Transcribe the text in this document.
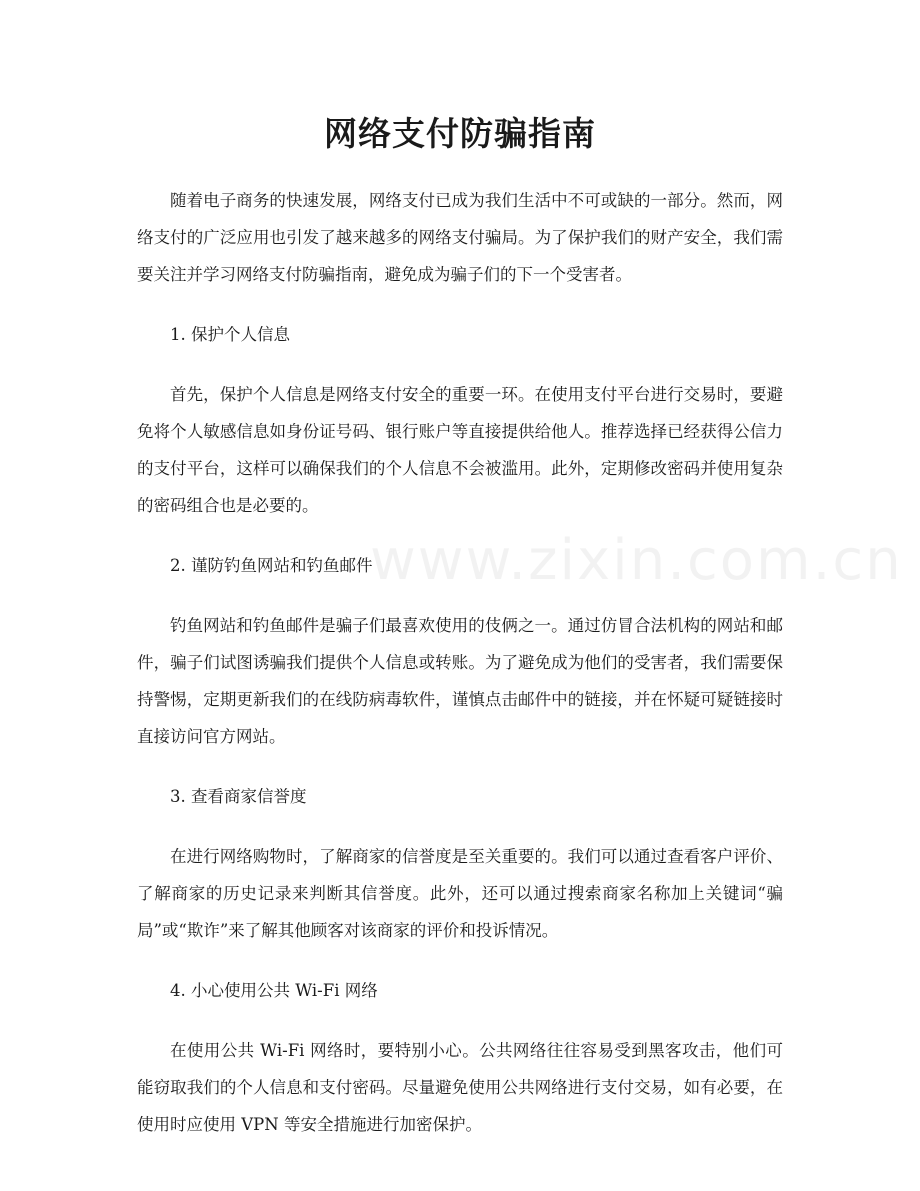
www.zixin.com.cn
网络支付防骗指南

随着电子商务的快速发展，网络支付已成为我们生活中不可或缺的一部分。然而，网络支付的广泛应用也引发了越来越多的网络支付骗局。为了保护我们的财产安全，我们需要关注并学习网络支付防骗指南，避免成为骗子们的下一个受害者。

1. 保护个人信息

首先，保护个人信息是网络支付安全的重要一环。在使用支付平台进行交易时，要避免将个人敏感信息如身份证号码、银行账户等直接提供给他人。推荐选择已经获得公信力的支付平台，这样可以确保我们的个人信息不会被滥用。此外，定期修改密码并使用复杂的密码组合也是必要的。

2. 谨防钓鱼网站和钓鱼邮件

钓鱼网站和钓鱼邮件是骗子们最喜欢使用的伎俩之一。通过仿冒合法机构的网站和邮件，骗子们试图诱骗我们提供个人信息或转账。为了避免成为他们的受害者，我们需要保持警惕，定期更新我们的在线防病毒软件，谨慎点击邮件中的链接，并在怀疑可疑链接时直接访问官方网站。

3. 查看商家信誉度

在进行网络购物时，了解商家的信誉度是至关重要的。我们可以通过查看客户评价、了解商家的历史记录来判断其信誉度。此外，还可以通过搜索商家名称加上关键词“骗局”或“欺诈”来了解其他顾客对该商家的评价和投诉情况。

4. 小心使用公共 Wi-Fi 网络

在使用公共 Wi-Fi 网络时，要特别小心。公共网络往往容易受到黑客攻击，他们可能窃取我们的个人信息和支付密码。尽量避免使用公共网络进行支付交易，如有必要，在使用时应使用 VPN 等安全措施进行加密保护。
